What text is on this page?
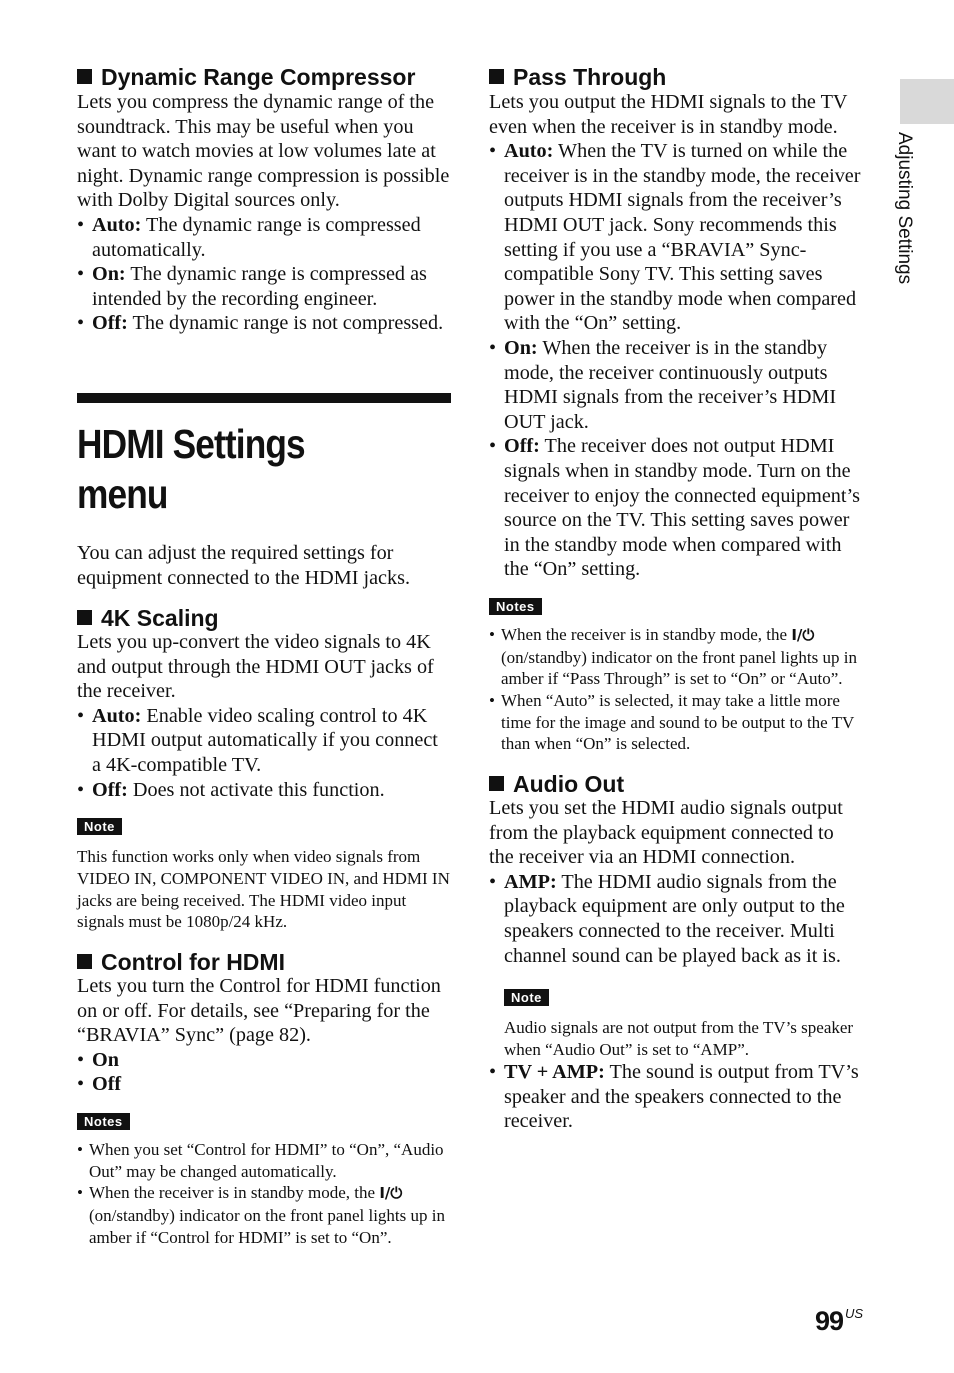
Dynamic Range Compressor

Lets you compress the dynamic range of the soundtrack. This may be useful when you want to watch movies at low volumes late at night. Dynamic range compression is possible with Dolby Digital sources only.

• Auto: The dynamic range is compressed automatically.
• On: The dynamic range is compressed as intended by the recording engineer.
• Off: The dynamic range is not compressed.
HDMI Settings menu

You can adjust the required settings for equipment connected to the HDMI jacks.

4K Scaling

Lets you up-convert the video signals to 4K and output through the HDMI OUT jacks of the receiver.

• Auto: Enable video scaling control to 4K HDMI output automatically if you connect a 4K-compatible TV.
• Off: Does not activate this function.
Note

This function works only when video signals from VIDEO IN, COMPONENT VIDEO IN, and HDMI IN jacks are being received. The HDMI video input signals must be 1080p/24 kHz.

Control for HDMI

Lets you turn the Control for HDMI function on or off. For details, see “Preparing for the “BRAVIA” Sync” (page 82).

• On
• Off
Notes
• When you set “Control for HDMI” to “On”, “Audio Out” may be changed automatically.
• When the receiver is in standby mode, the I/⏻ (on/standby) indicator on the front panel lights up in amber if “Control for HDMI” is set to “On”.
Pass Through

Lets you output the HDMI signals to the TV even when the receiver is in standby mode.

• Auto: When the TV is turned on while the receiver is in the standby mode, the receiver outputs HDMI signals from the receiver’s HDMI OUT jack. Sony recommends this setting if you use a “BRAVIA” Sync-compatible Sony TV. This setting saves power in the standby mode when compared with the “On” setting.
• On: When the receiver is in the standby mode, the receiver continuously outputs HDMI signals from the receiver’s HDMI OUT jack.
• Off: The receiver does not output HDMI signals when in standby mode. Turn on the receiver to enjoy the connected equipment’s source on the TV. This setting saves power in the standby mode when compared with the “On” setting.
Notes
• When the receiver is in standby mode, the I/⏻ (on/standby) indicator on the front panel lights up in amber if “Pass Through” is set to “On” or “Auto”.
• When “Auto” is selected, it may take a little more time for the image and sound to be output to the TV than when “On” is selected.
Audio Out

Lets you set the HDMI audio signals output from the playback equipment connected to the receiver via an HDMI connection.

• AMP: The HDMI audio signals from the playback equipment are only output to the speakers connected to the receiver. Multi channel sound can be played back as it is.
Note

Audio signals are not output from the TV’s speaker when “Audio Out” is set to “AMP”.

• TV + AMP: The sound is output from TV’s speaker and the speakers connected to the receiver.
Adjusting Settings
99 $^{US}$
